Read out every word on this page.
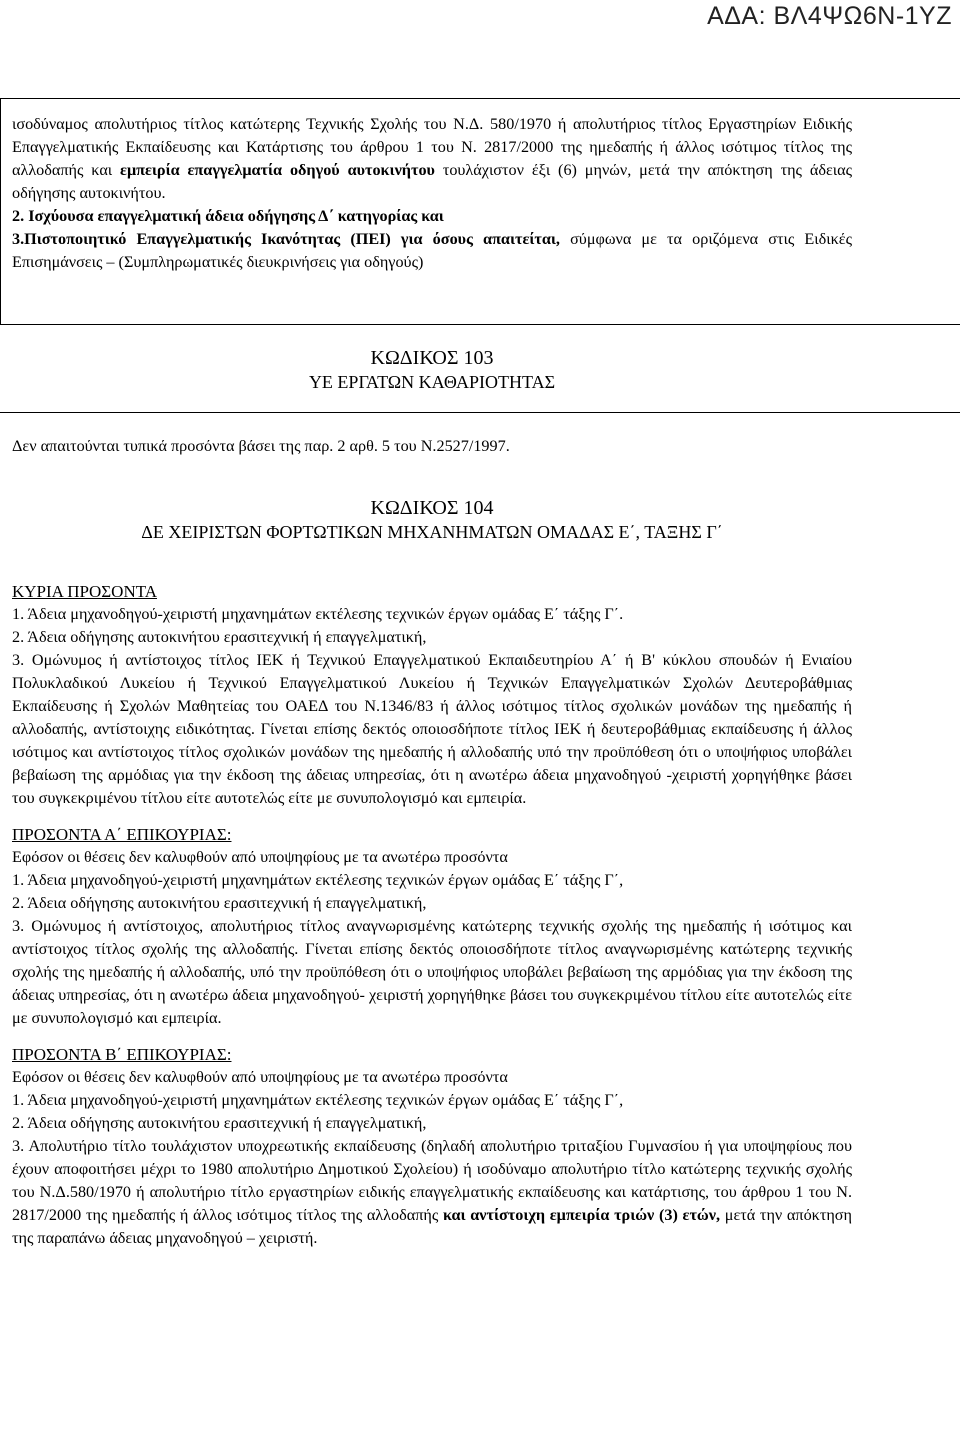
ΑΔΑ: ΒΛ4ΨΩ6Ν-1ΥΖ

ισοδύναμος απολυτήριος τίτλος κατώτερης Τεχνικής Σχολής του Ν.Δ. 580/1970 ή απολυτήριος τίτλος Εργαστηρίων Ειδικής Επαγγελματικής Εκπαίδευσης και Κατάρτισης του άρθρου 1 του Ν. 2817/2000 της ημεδαπής ή άλλος ισότιμος τίτλος της αλλοδαπής και εμπειρία επαγγελματία οδηγού αυτοκινήτου τουλάχιστον έξι (6) μηνών, μετά την απόκτηση της άδειας οδήγησης αυτοκινήτου.

2. Ισχύουσα επαγγελματική άδεια οδήγησης Δ΄ κατηγορίας και

3.Πιστοποιητικό Επαγγελματικής Ικανότητας (ΠΕΙ) για όσους απαιτείται, σύμφωνα με τα οριζόμενα στις Ειδικές Επισημάνσεις – (Συμπληρωματικές διευκρινήσεις για οδηγούς)

ΚΩΔΙΚΟΣ 103
ΥΕ ΕΡΓΑΤΩΝ ΚΑΘΑΡΙΟΤΗΤΑΣ

Δεν απαιτούνται τυπικά προσόντα βάσει της παρ. 2 αρθ. 5 του Ν.2527/1997.

ΚΩΔΙΚΟΣ 104
ΔΕ ΧΕΙΡΙΣΤΩΝ ΦΟΡΤΩΤΙΚΩΝ ΜΗΧΑΝΗΜΑΤΩΝ ΟΜΑΔΑΣ Ε΄, ΤΑΞΗΣ Γ΄

ΚΥΡΙΑ ΠΡΟΣΟΝΤΑ

1. Άδεια μηχανοδηγού-χειριστή μηχανημάτων εκτέλεσης τεχνικών έργων ομάδας Ε΄ τάξης Γ΄.

2. Άδεια οδήγησης αυτοκινήτου ερασιτεχνική ή επαγγελματική,

3. Ομώνυμος ή αντίστοιχος τίτλος ΙΕΚ ή Τεχνικού Επαγγελματικού Εκπαιδευτηρίου Α΄ ή Β' κύκλου σπουδών ή Ενιαίου Πολυκλαδικού Λυκείου ή Τεχνικού Επαγγελματικού Λυκείου ή Τεχνικών Επαγγελματικών Σχολών Δευτεροβάθμιας Εκπαίδευσης ή Σχολών Μαθητείας του ΟΑΕΔ του Ν.1346/83 ή άλλος ισότιμος τίτλος σχολικών μονάδων της ημεδαπής ή αλλοδαπής, αντίστοιχης ειδικότητας. Γίνεται επίσης δεκτός οποιοσδήποτε τίτλος ΙΕΚ ή δευτεροβάθμιας εκπαίδευσης ή άλλος ισότιμος και αντίστοιχος τίτλος σχολικών μονάδων της ημεδαπής ή αλλοδαπής υπό την προϋπόθεση ότι ο υποψήφιος υποβάλει βεβαίωση της αρμόδιας για την έκδοση της άδειας υπηρεσίας, ότι η ανωτέρω άδεια μηχανοδηγού -χειριστή χορηγήθηκε βάσει του συγκεκριμένου τίτλου είτε αυτοτελώς είτε με συνυπολογισμό και εμπειρία.

ΠΡΟΣΟΝΤΑ Α΄ ΕΠΙΚΟΥΡΙΑΣ:

Εφόσον οι θέσεις δεν καλυφθούν από υποψηφίους με τα ανωτέρω προσόντα

1. Άδεια μηχανοδηγού-χειριστή μηχανημάτων εκτέλεσης τεχνικών έργων ομάδας Ε΄ τάξης Γ΄,

2. Άδεια οδήγησης αυτοκινήτου ερασιτεχνική ή επαγγελματική,

3. Ομώνυμος ή αντίστοιχος, απολυτήριος τίτλος αναγνωρισμένης κατώτερης τεχνικής σχολής της ημεδαπής ή ισότιμος και αντίστοιχος τίτλος σχολής της αλλοδαπής. Γίνεται επίσης δεκτός οποιοσδήποτε τίτλος αναγνωρισμένης κατώτερης τεχνικής σχολής της ημεδαπής ή αλλοδαπής, υπό την προϋπόθεση ότι ο υποψήφιος υποβάλει βεβαίωση της αρμόδιας για την έκδοση της άδειας υπηρεσίας, ότι η ανωτέρω άδεια μηχανοδηγού- χειριστή χορηγήθηκε βάσει του συγκεκριμένου τίτλου είτε αυτοτελώς είτε με συνυπολογισμό και εμπειρία.

ΠΡΟΣΟΝΤΑ Β΄ ΕΠΙΚΟΥΡΙΑΣ:

Εφόσον οι θέσεις δεν καλυφθούν από υποψηφίους με τα ανωτέρω προσόντα

1. Άδεια μηχανοδηγού-χειριστή μηχανημάτων εκτέλεσης τεχνικών έργων ομάδας Ε΄ τάξης Γ΄,

2. Άδεια οδήγησης αυτοκινήτου ερασιτεχνική ή επαγγελματική,

3. Απολυτήριο τίτλο τουλάχιστον υποχρεωτικής εκπαίδευσης (δηλαδή απολυτήριο τριταξίου Γυμνασίου ή για υποψηφίους που έχουν αποφοιτήσει μέχρι το 1980 απολυτήριο Δημοτικού Σχολείου) ή ισοδύναμο απολυτήριο τίτλο κατώτερης τεχνικής σχολής του Ν.Δ.580/1970 ή απολυτήριο τίτλο εργαστηρίων ειδικής επαγγελματικής εκπαίδευσης και κατάρτισης, του άρθρου 1 του Ν. 2817/2000 της ημεδαπής ή άλλος ισότιμος τίτλος της αλλοδαπής και αντίστοιχη εμπειρία τριών (3) ετών, μετά την απόκτηση της παραπάνω άδειας μηχανοδηγού – χειριστή.
